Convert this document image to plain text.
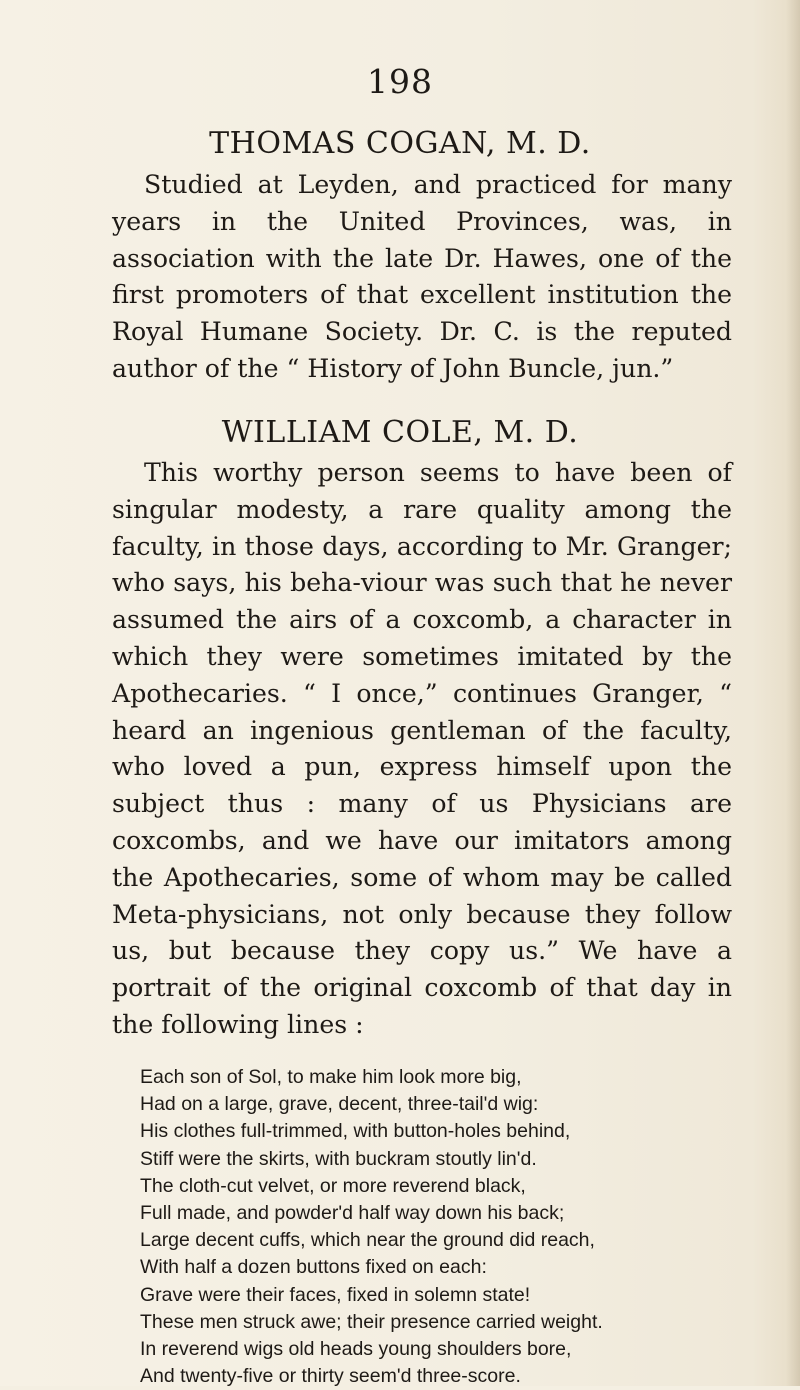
198
THOMAS COGAN, M. D.

Studied at Leyden, and practiced for many years in the United Provinces, was, in association with the late Dr. Hawes, one of the first promoters of that excellent institution the Royal Humane Society. Dr. C. is the reputed author of the “ History of John Buncle, jun.”

WILLIAM COLE, M. D.

This worthy person seems to have been of singular modesty, a rare quality among the faculty, in those days, according to Mr. Granger; who says, his beha-viour was such that he never assumed the airs of a coxcomb, a character in which they were sometimes imitated by the Apothecaries. “ I once,” continues Granger, “ heard an ingenious gentleman of the faculty, who loved a pun, express himself upon the subject thus : many of us Physicians are coxcombs, and we have our imitators among the Apothecaries, some of whom may be called Meta-physicians, not only because they follow us, but because they copy us.” We have a portrait of the original coxcomb of that day in the following lines :

Each son of Sol, to make him look more big,
Had on a large, grave, decent, three-tail'd wig:
His clothes full-trimmed, with button-holes behind,
Stiff were the skirts, with buckram stoutly lin'd.
The cloth-cut velvet, or more reverend black,
Full made, and powder'd half way down his back;
Large decent cuffs, which near the ground did reach,
With half a dozen buttons fixed on each:
Grave were their faces, fixed in solemn state!
These men struck awe; their presence carried weight.
In reverend wigs old heads young shoulders bore,
And twenty-five or thirty seem'd three-score.
